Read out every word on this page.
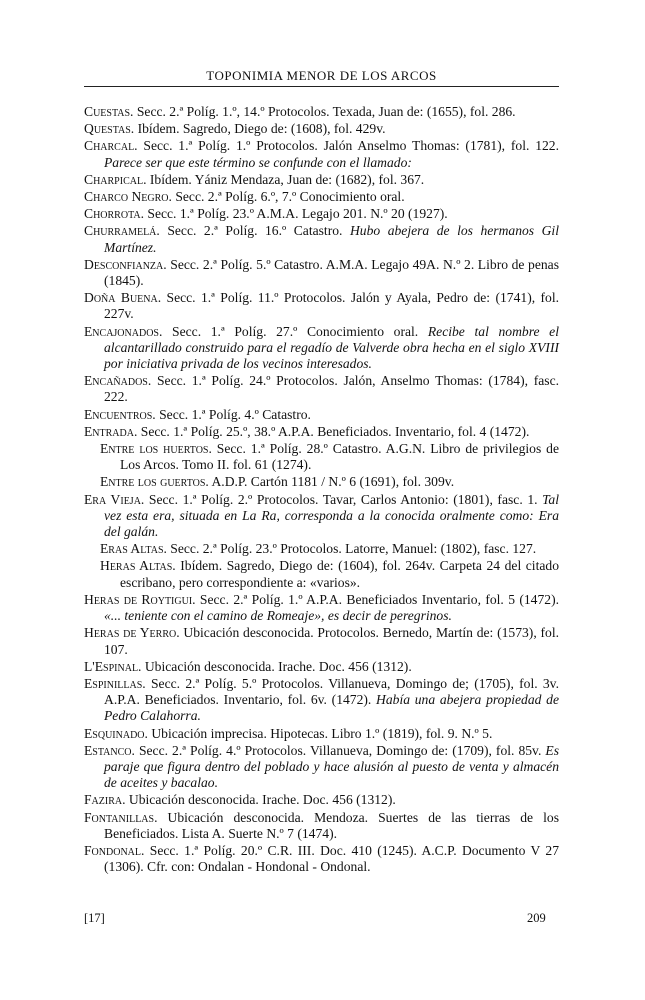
TOPONIMIA MENOR DE LOS ARCOS

Cuestas. Secc. 2.ª Políg. 1.º, 14.º Protocolos. Texada, Juan de: (1655), fol. 286.

Questas. Ibídem. Sagredo, Diego de: (1608), fol. 429v.

Charcal. Secc. 1.ª Políg. 1.º Protocolos. Jalón Anselmo Thomas: (1781), fol. 122. Parece ser que este término se confunde con el llamado:

Charpical. Ibídem. Yániz Mendaza, Juan de: (1682), fol. 367.

Charco Negro. Secc. 2.ª Políg. 6.º, 7.º Conocimiento oral.

Chorrota. Secc. 1.ª Políg. 23.º A.M.A. Legajo 201. N.º 20 (1927).

Churramelá. Secc. 2.ª Políg. 16.º Catastro. Hubo abejera de los hermanos Gil Martínez.

Desconfianza. Secc. 2.ª Políg. 5.º Catastro. A.M.A. Legajo 49A. N.º 2. Libro de penas (1845).

Doña Buena. Secc. 1.ª Políg. 11.º Protocolos. Jalón y Ayala, Pedro de: (1741), fol. 227v.

Encajonados. Secc. 1.ª Políg. 27.º Conocimiento oral. Recibe tal nombre el alcantarillado construido para el regadío de Valverde obra hecha en el siglo XVIII por iniciativa privada de los vecinos interesados.

Encañados. Secc. 1.ª Políg. 24.º Protocolos. Jalón, Anselmo Thomas: (1784), fasc. 222.

Encuentros. Secc. 1.ª Políg. 4.º Catastro.

Entrada. Secc. 1.ª Políg. 25.º, 38.º A.P.A. Beneficiados. Inventario, fol. 4 (1472).

Entre los huertos. Secc. 1.ª Políg. 28.º Catastro. A.G.N. Libro de privilegios de Los Arcos. Tomo II. fol. 61 (1274).

Entre los guertos. A.D.P. Cartón 1181 / N.º 6 (1691), fol. 309v.

Era Vieja. Secc. 1.ª Políg. 2.º Protocolos. Tavar, Carlos Antonio: (1801), fasc. 1. Tal vez esta era, situada en La Ra, corresponda a la conocida oralmente como: Era del galán.

Eras Altas. Secc. 2.ª Políg. 23.º Protocolos. Latorre, Manuel: (1802), fasc. 127.

Heras Altas. Ibídem. Sagredo, Diego de: (1604), fol. 264v. Carpeta 24 del citado escribano, pero correspondiente a: «varios».

Heras de Roytigui. Secc. 2.ª Políg. 1.º A.P.A. Beneficiados Inventario, fol. 5 (1472). «... teniente con el camino de Romeaje», es decir de peregrinos.

Heras de Yerro. Ubicación desconocida. Protocolos. Bernedo, Martín de: (1573), fol. 107.

L'Espinal. Ubicación desconocida. Irache. Doc. 456 (1312).

Espinillas. Secc. 2.ª Políg. 5.º Protocolos. Villanueva, Domingo de; (1705), fol. 3v. A.P.A. Beneficiados. Inventario, fol. 6v. (1472). Había una abejera propiedad de Pedro Calahorra.

Esquinado. Ubicación imprecisa. Hipotecas. Libro 1.º (1819), fol. 9. N.º 5.

Estanco. Secc. 2.ª Políg. 4.º Protocolos. Villanueva, Domingo de: (1709), fol. 85v. Es paraje que figura dentro del poblado y hace alusión al puesto de venta y almacén de aceites y bacalao.

Fazira. Ubicación desconocida. Irache. Doc. 456 (1312).

Fontanillas. Ubicación desconocida. Mendoza. Suertes de las tierras de los Beneficiados. Lista A. Suerte N.º 7 (1474).

Fondonal. Secc. 1.ª Políg. 20.º C.R. III. Doc. 410 (1245). A.C.P. Documento V 27 (1306). Cfr. con: Ondalan - Hondonal - Ondonal.

[17]	209
